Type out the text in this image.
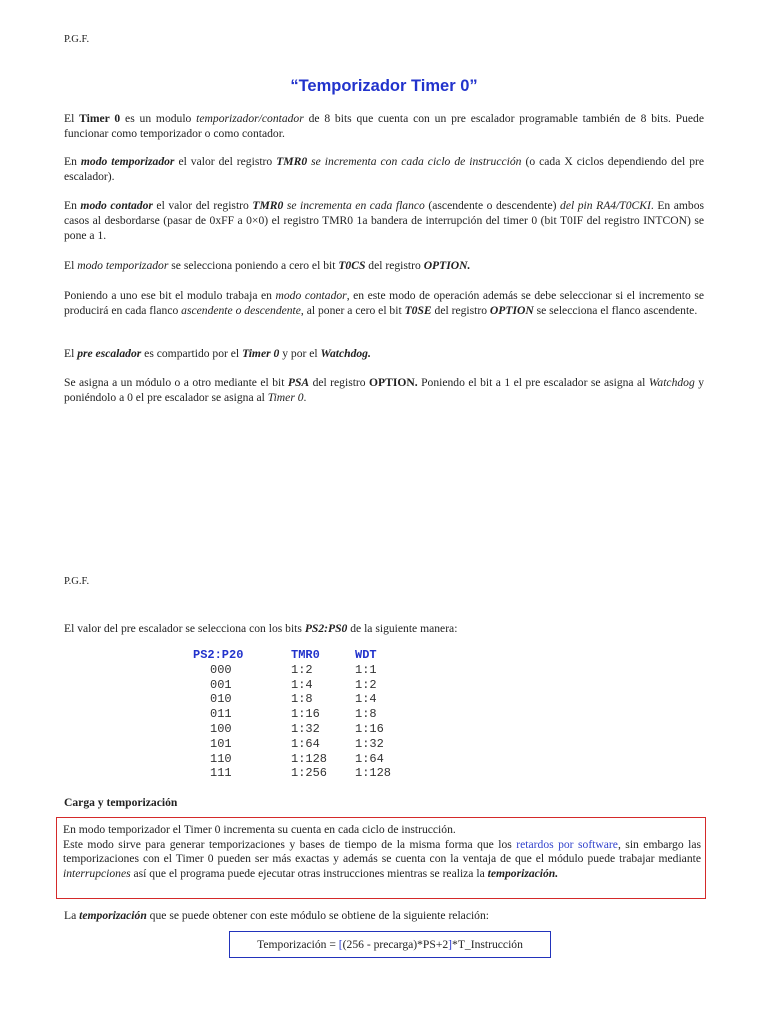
P.G.F.
“Temporizador Timer 0”
El Timer 0 es un modulo temporizador/contador de 8 bits que cuenta con un pre escalador programable también de 8 bits. Puede funcionar como temporizador o como contador.
En modo temporizador el valor del registro TMR0 se incrementa con cada ciclo de instrucción (o cada X ciclos dependiendo del pre escalador).
En modo contador el valor del registro TMR0 se incrementa en cada flanco (ascendente o descendente) del pin RA4/T0CKI. En ambos casos al desbordarse (pasar de 0xFF a 0×0) el registro TMR0 1a bandera de interrupción del timer 0 (bit T0IF del registro INTCON) se pone a 1.
El modo temporizador se selecciona poniendo a cero el bit T0CS del registro OPTION.
Poniendo a uno ese bit el modulo trabaja en modo contador, en este modo de operación además se debe seleccionar si el incremento se producirá en cada flanco ascendente o descendente, al poner a cero el bit T0SE del registro OPTION se selecciona el flanco ascendente.
El pre escalador es compartido por el Timer 0 y por el Watchdog.
Se asigna a un módulo o a otro mediante el bit PSA del registro OPTION. Poniendo el bit a 1 el pre escalador se asigna al Watchdog y poniéndolo a 0 el pre escalador se asigna al Timer 0.
P.G.F.
El valor del pre escalador se selecciona con los bits PS2:PS0 de la siguiente manera:
PS2:P20
000
001
010
011
100
101
110
111
TMR0
1:2
1:4
1:8
1:16
1:32
1:64
1:128
1:256
WDT
1:1
1:2
1:4
1:8
1:16
1:32
1:64
1:128
Carga y temporización
En modo temporizador el Timer 0 incrementa su cuenta en cada ciclo de instrucción.
Este modo sirve para generar temporizaciones y bases de tiempo de la misma forma que los retardos por software, sin embargo las temporizaciones con el Timer 0 pueden ser más exactas y además se cuenta con la ventaja de que el módulo puede trabajar mediante interrupciones así que el programa puede ejecutar otras instrucciones mientras se realiza la temporización.
La temporización que se puede obtener con este módulo se obtiene de la siguiente relación:
Temporización = [(256 - precarga)*PS+2]*T_Instrucción
